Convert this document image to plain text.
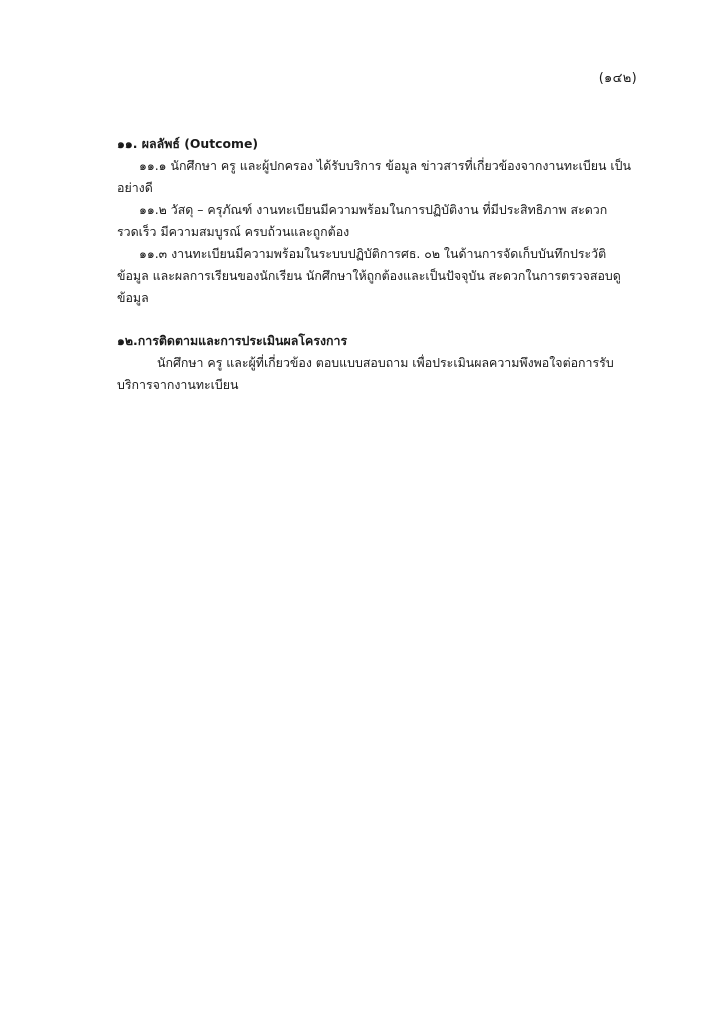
(๑๔๒)

๑๑. ผลลัพธ์ (Outcome)

๑๑.๑ นักศึกษา ครู และผู้ปกครอง ได้รับบริการ ข้อมูล ข่าวสารที่เกี่ยวข้องจากงานทะเบียน เป็น

อย่างดี

๑๑.๒ วัสดุ – ครุภัณฑ์ งานทะเบียนมีความพร้อมในการปฏิบัติงาน ที่มีประสิทธิภาพ สะดวก

รวดเร็ว มีความสมบูรณ์ ครบถ้วนและถูกต้อง

๑๑.๓ งานทะเบียนมีความพร้อมในระบบปฏิบัติการศธ. ๐๒ ในด้านการจัดเก็บบันทึกประวัติ

ข้อมูล และผลการเรียนของนักเรียน นักศึกษาให้ถูกต้องและเป็นปัจจุบัน สะดวกในการตรวจสอบดู

ข้อมูล

๑๒.การติดตามและการประเมินผลโครงการ

นักศึกษา ครู และผู้ที่เกี่ยวข้อง ตอบแบบสอบถาม เพื่อประเมินผลความพึงพอใจต่อการรับ

บริการจากงานทะเบียน
